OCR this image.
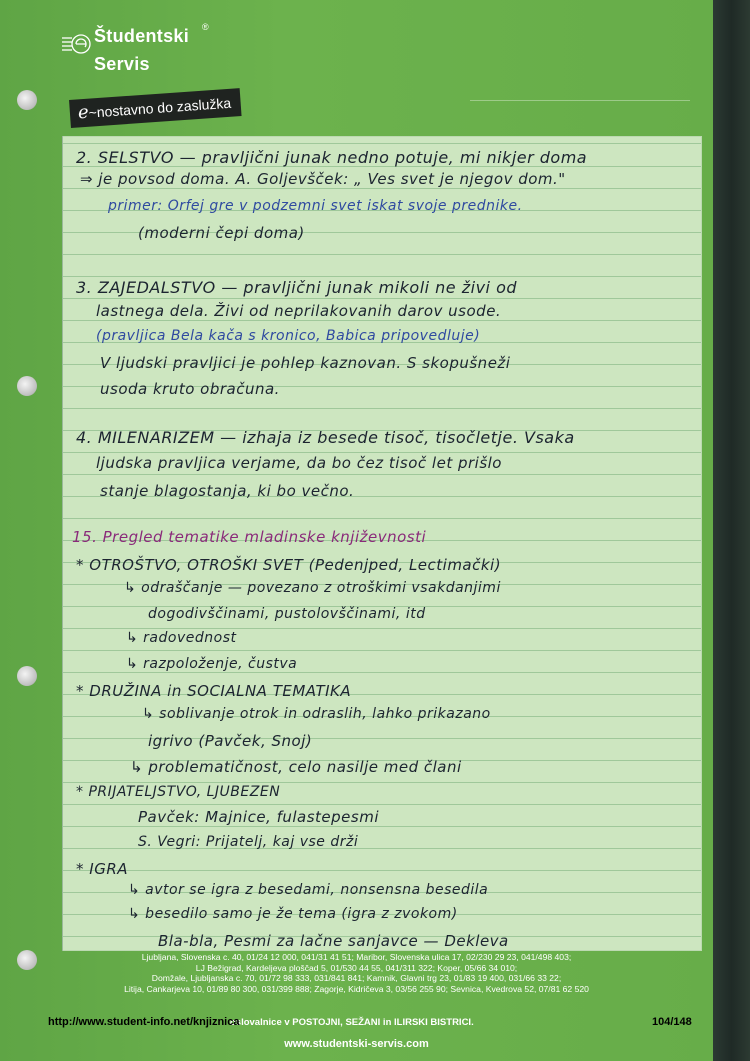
Študentski
Servis
®
e~nostavno do zaslužka
2. SELSTVO — pravljični junak nedno potuje, mi nikjer doma
⇒ je povsod doma. A. Goljevšček: „ Ves svet je njegov dom."
primer: Orfej gre v podzemni svet iskat svoje prednike.
(moderni čepi doma)
3. ZAJEDALSTVO — pravljični junak mikoli ne živi od
lastnega dela. Živi od neprilakovanih darov usode.
(pravljica Bela kača s kronico, Babica pripovedluje)
V ljudski pravljici je pohlep kaznovan. S skopušneži
usoda kruto obračuna.
4. MILENARIZEM — izhaja iz besede tisoč, tisočletje. Vsaka
ljudska pravljica verjame, da bo čez tisoč let prišlo
stanje blagostanja, ki bo večno.
15. Pregled tematike mladinske književnosti
* OTROŠTVO, OTROŠKI SVET (Pedenjped, Lectimački)
↳ odraščanje — povezano z otroškimi vsakdanjimi
dogodivščinami, pustolovščinami, itd
↳ radovednost
↳ razpoloženje, čustva
* DRUŽINA in SOCIALNA TEMATIKA
↳ soblivanje otrok in odraslih, lahko prikazano
igrivo (Pavček, Snoj)
↳ problematičnost, celo nasilje med člani
* PRIJATELJSTVO, LJUBEZEN
Pavček: Majnice, fulastepesmi
S. Vegri: Prijatelj, kaj vse drži
* IGRA
↳ avtor se igra z besedami, nonsensna besedila
↳ besedilo samo je že tema (igra z zvokom)
Bla-bla, Pesmi za lačne sanjavce — Dekleva
Ljubljana, Slovenska c. 40, 01/24 12 000, 041/31 41 51; Maribor, Slovenska ulica 17, 02/230 29 23, 041/498 403;
LJ Bežigrad, Kardeljeva ploščad 5, 01/530 44 55, 041/311 322; Koper, 05/66 34 010;
Domžale, Ljubljanska c. 70, 01/72 98 333, 031/841 841; Kamnik, Glavni trg 23, 01/83 19 400, 031/66 33 22;
Litija, Cankarjeva 10, 01/89 80 300, 031/399 888; Zagorje, Kidričeva 3, 03/56 255 90; Sevnica, Kvedrova 52, 07/81 62 520
oslovalnice v POSTOJNI, SEŽANI in ILIRSKI BISTRICI.
http://www.student-info.net/knjiznica	104/148
www.studentski-servis.com
